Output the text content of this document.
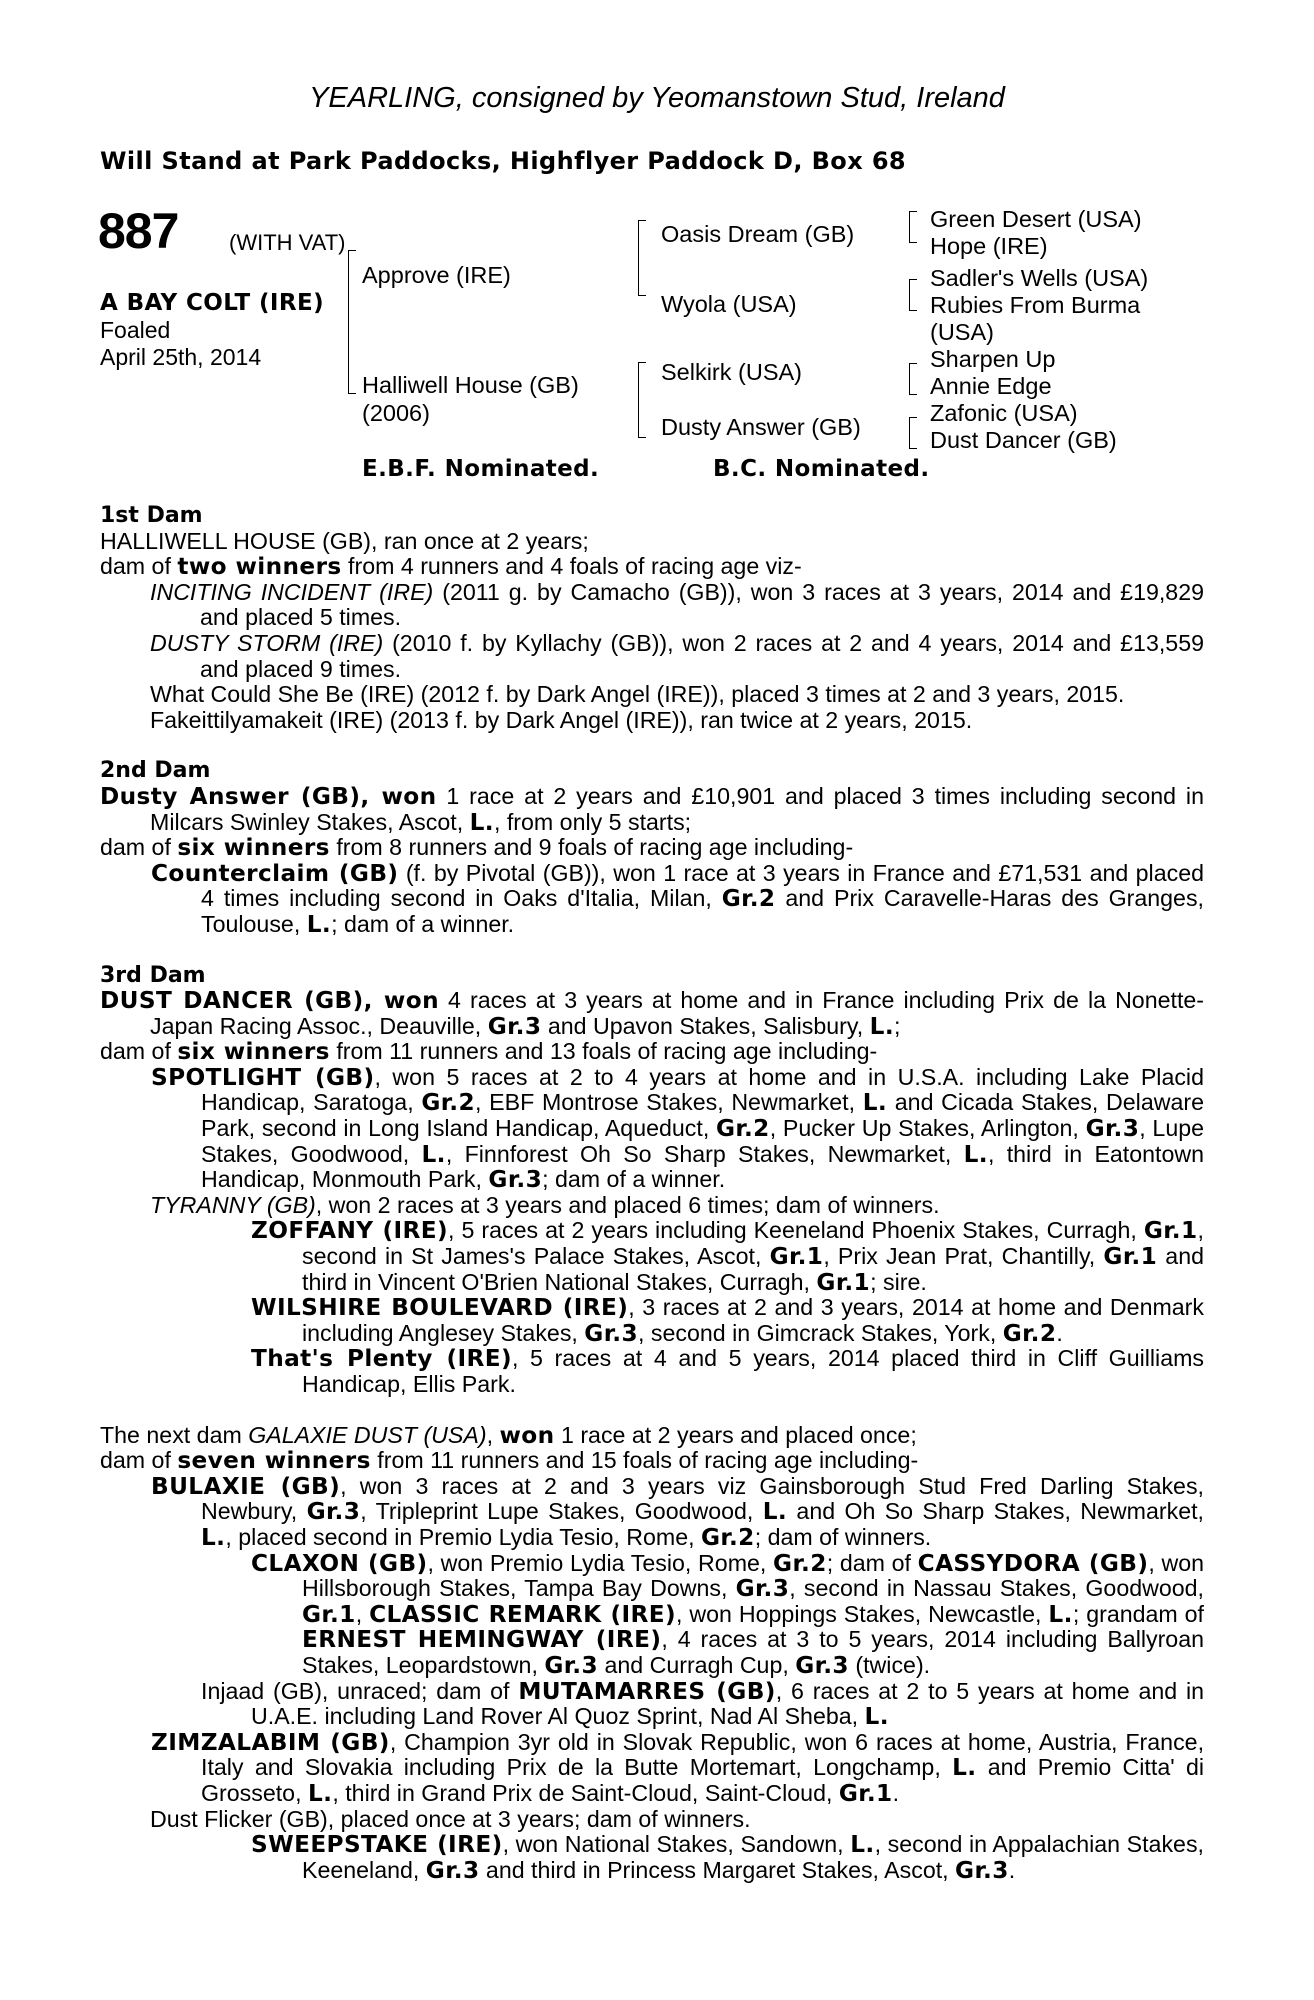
YEARLING, consigned by Yeomanstown Stud, Ireland
Will Stand at Park Paddocks, Highflyer Paddock D, Box 68
887 (WITH VAT)
A BAY COLT (IRE)
Foaled
April 25th, 2014
Approve (IRE)
Halliwell House (GB)
(2006)
Oasis Dream (GB)
Wyola (USA)
Selkirk (USA)
Dusty Answer (GB)
Green Desert (USA)
Hope (IRE)
Sadler's Wells (USA)
Rubies From Burma
(USA)
Sharpen Up
Annie Edge
Zafonic (USA)
Dust Dancer (GB)
E.B.F. Nominated.	B.C. Nominated.
1st Dam
HALLIWELL HOUSE (GB), ran once at 2 years;
dam of two winners from 4 runners and 4 foals of racing age viz-
INCITING INCIDENT (IRE) (2011 g. by Camacho (GB)), won 3 races at 3 years, 2014 and £19,829 and placed 5 times.
DUSTY STORM (IRE) (2010 f. by Kyllachy (GB)), won 2 races at 2 and 4 years, 2014 and £13,559 and placed 9 times.
What Could She Be (IRE) (2012 f. by Dark Angel (IRE)), placed 3 times at 2 and 3 years, 2015.
Fakeittilyamakeit (IRE) (2013 f. by Dark Angel (IRE)), ran twice at 2 years, 2015.
2nd Dam
Dusty Answer (GB), won 1 race at 2 years and £10,901 and placed 3 times including second in Milcars Swinley Stakes, Ascot, L., from only 5 starts;
dam of six winners from 8 runners and 9 foals of racing age including-
Counterclaim (GB) (f. by Pivotal (GB)), won 1 race at 3 years in France and £71,531 and placed 4 times including second in Oaks d'Italia, Milan, Gr.2 and Prix Caravelle-Haras des Granges, Toulouse, L.; dam of a winner.
3rd Dam
DUST DANCER (GB), won 4 races at 3 years at home and in France including Prix de la Nonette-Japan Racing Assoc., Deauville, Gr.3 and Upavon Stakes, Salisbury, L.;
dam of six winners from 11 runners and 13 foals of racing age including-
SPOTLIGHT (GB), won 5 races at 2 to 4 years at home and in U.S.A. including Lake Placid Handicap, Saratoga, Gr.2, EBF Montrose Stakes, Newmarket, L. and Cicada Stakes, Delaware Park, second in Long Island Handicap, Aqueduct, Gr.2, Pucker Up Stakes, Arlington, Gr.3, Lupe Stakes, Goodwood, L., Finnforest Oh So Sharp Stakes, Newmarket, L., third in Eatontown Handicap, Monmouth Park, Gr.3; dam of a winner.
TYRANNY (GB), won 2 races at 3 years and placed 6 times; dam of winners.
ZOFFANY (IRE), 5 races at 2 years including Keeneland Phoenix Stakes, Curragh, Gr.1, second in St James's Palace Stakes, Ascot, Gr.1, Prix Jean Prat, Chantilly, Gr.1 and third in Vincent O'Brien National Stakes, Curragh, Gr.1; sire.
WILSHIRE BOULEVARD (IRE), 3 races at 2 and 3 years, 2014 at home and Denmark including Anglesey Stakes, Gr.3, second in Gimcrack Stakes, York, Gr.2.
That's Plenty (IRE), 5 races at 4 and 5 years, 2014 placed third in Cliff Guilliams Handicap, Ellis Park.
The next dam GALAXIE DUST (USA), won 1 race at 2 years and placed once;
dam of seven winners from 11 runners and 15 foals of racing age including-
BULAXIE (GB), won 3 races at 2 and 3 years viz Gainsborough Stud Fred Darling Stakes, Newbury, Gr.3, Tripleprint Lupe Stakes, Goodwood, L. and Oh So Sharp Stakes, Newmarket, L., placed second in Premio Lydia Tesio, Rome, Gr.2; dam of winners.
CLAXON (GB), won Premio Lydia Tesio, Rome, Gr.2; dam of CASSYDORA (GB), won Hillsborough Stakes, Tampa Bay Downs, Gr.3, second in Nassau Stakes, Goodwood, Gr.1, CLASSIC REMARK (IRE), won Hoppings Stakes, Newcastle, L.; grandam of ERNEST HEMINGWAY (IRE), 4 races at 3 to 5 years, 2014 including Ballyroan Stakes, Leopardstown, Gr.3 and Curragh Cup, Gr.3 (twice).
Injaad (GB), unraced; dam of MUTAMARRES (GB), 6 races at 2 to 5 years at home and in U.A.E. including Land Rover Al Quoz Sprint, Nad Al Sheba, L.
ZIMZALABIM (GB), Champion 3yr old in Slovak Republic, won 6 races at home, Austria, France, Italy and Slovakia including Prix de la Butte Mortemart, Longchamp, L. and Premio Citta' di Grosseto, L., third in Grand Prix de Saint-Cloud, Saint-Cloud, Gr.1.
Dust Flicker (GB), placed once at 3 years; dam of winners.
SWEEPSTAKE (IRE), won National Stakes, Sandown, L., second in Appalachian Stakes, Keeneland, Gr.3 and third in Princess Margaret Stakes, Ascot, Gr.3.
